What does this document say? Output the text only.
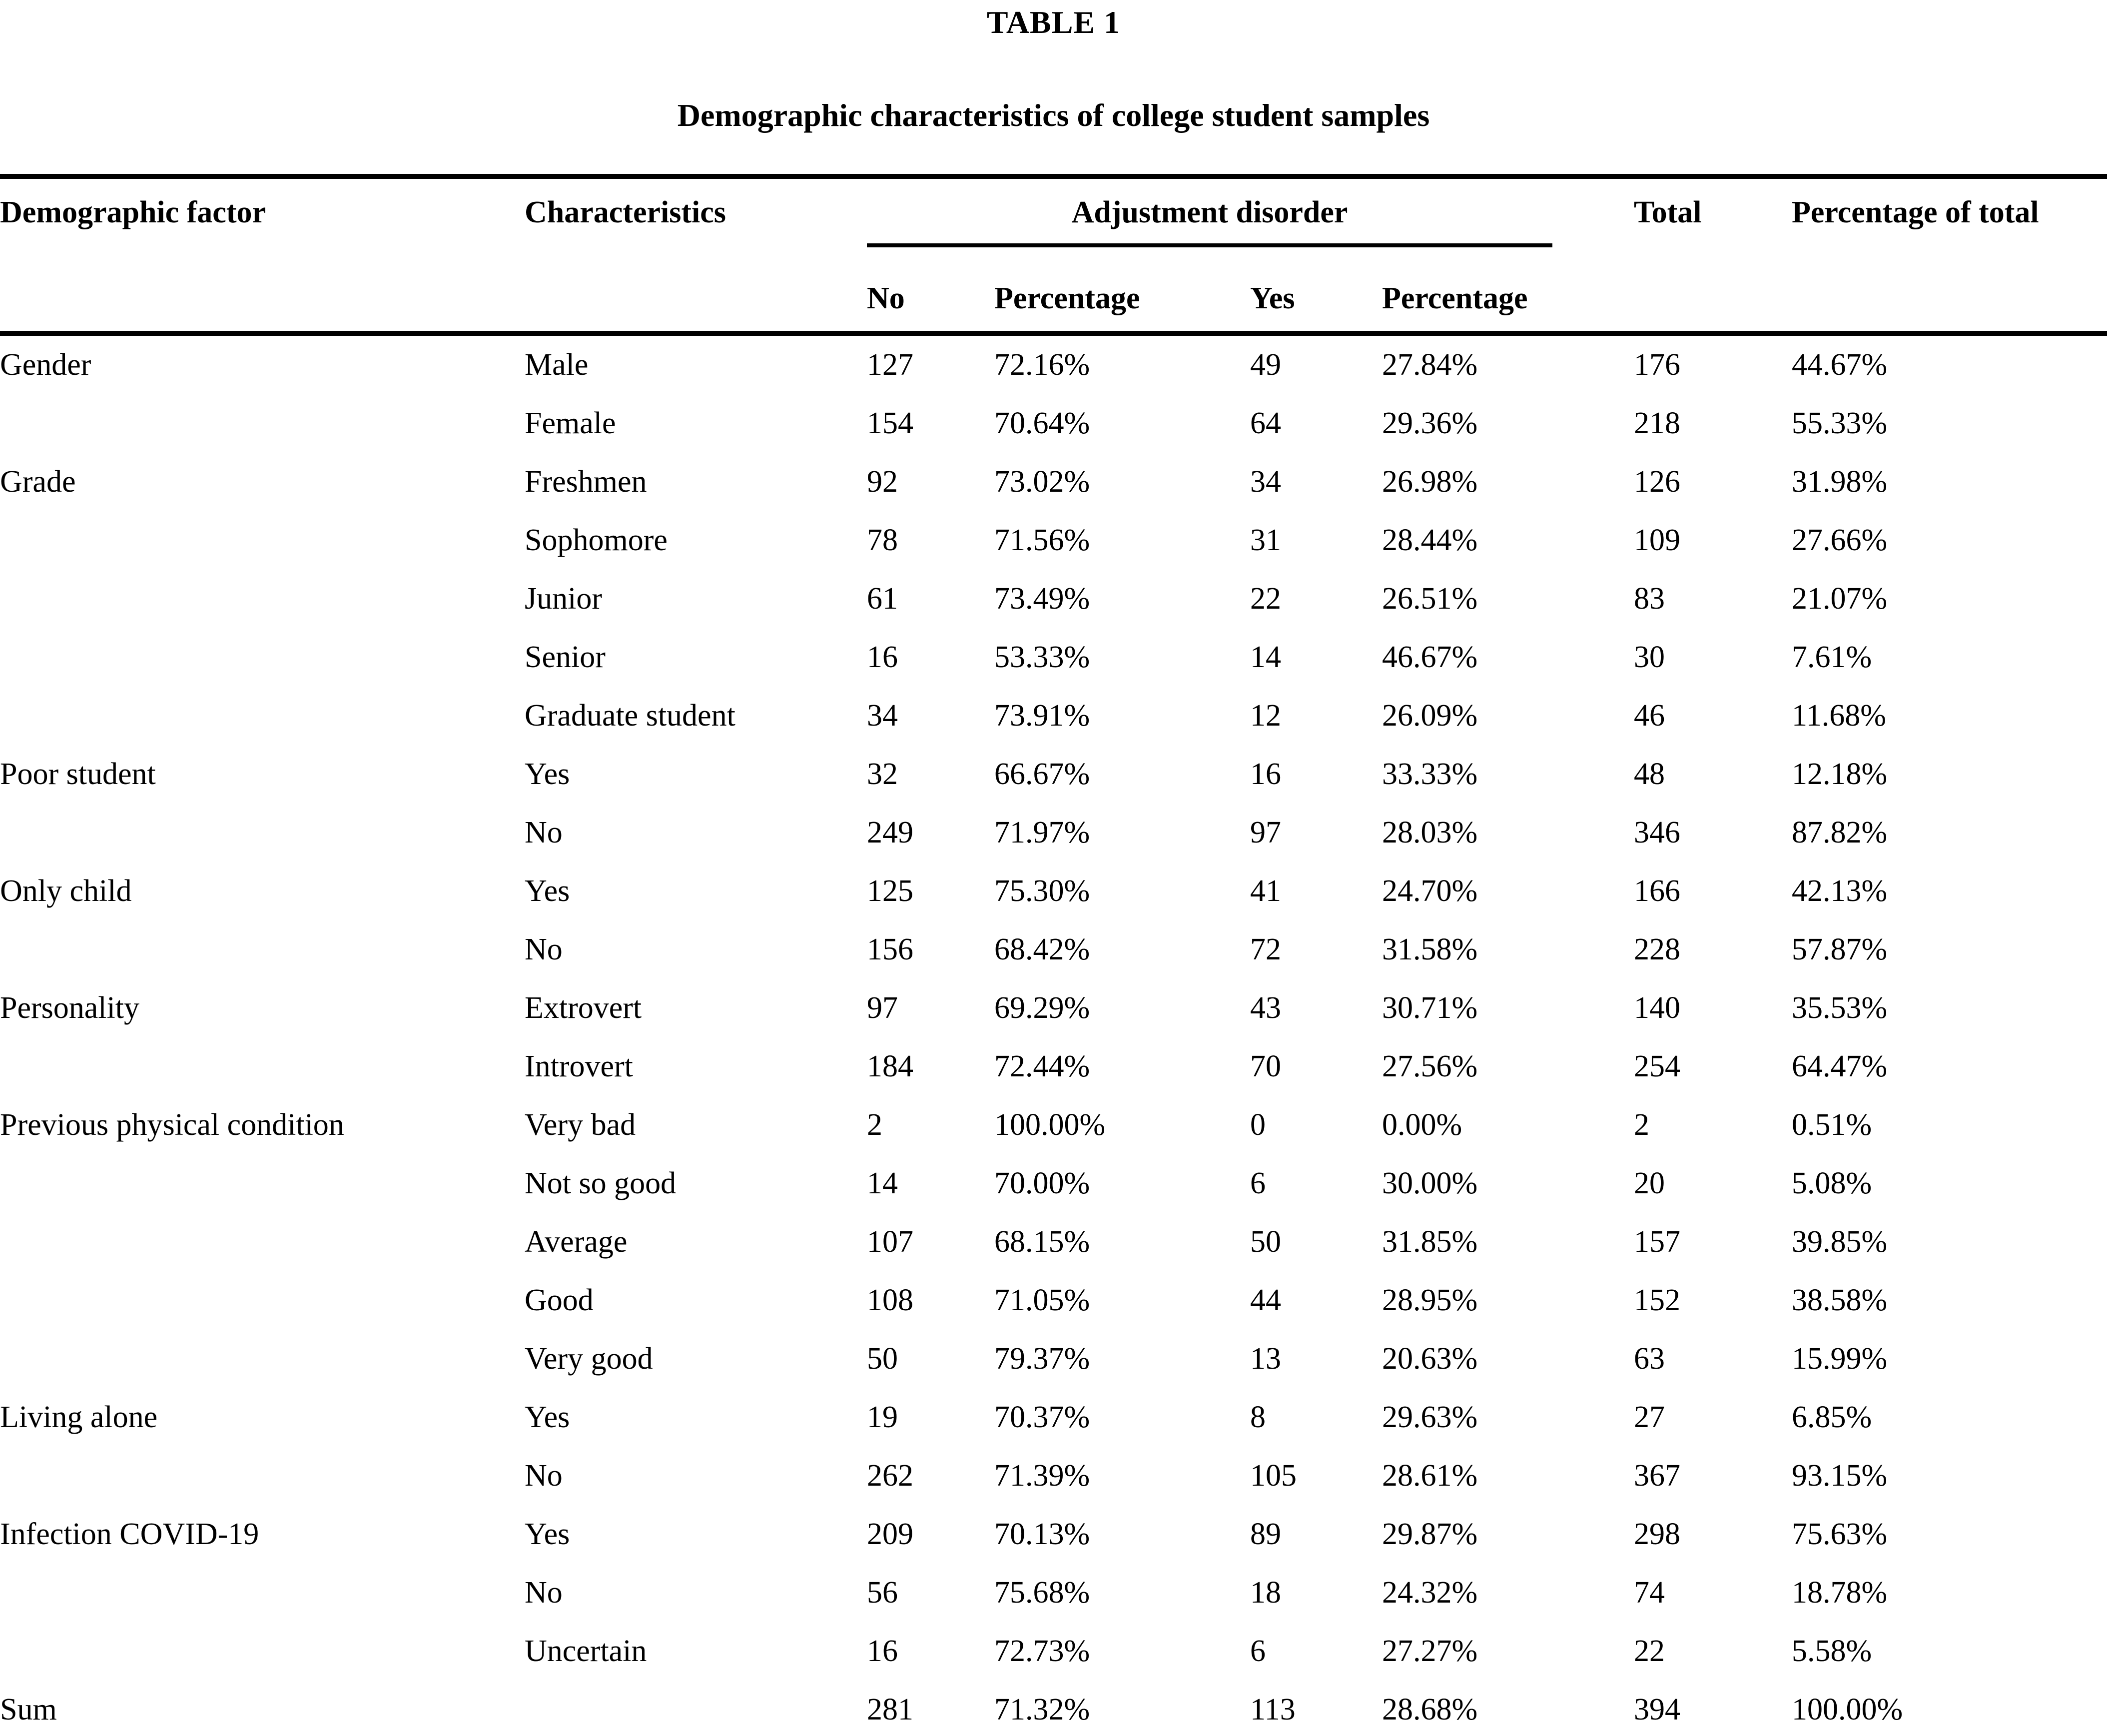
TABLE 1
Demographic characteristics of college student samples
Demographic factor	Characteristics	Adjustment disorder				Total	Percentage of total
		No	Percentage	Yes	Percentage		
Gender	Male	127	72.16%	49	27.84%	176	44.67%
	Female	154	70.64%	64	29.36%	218	55.33%
Grade	Freshmen	92	73.02%	34	26.98%	126	31.98%
	Sophomore	78	71.56%	31	28.44%	109	27.66%
	Junior	61	73.49%	22	26.51%	83	21.07%
	Senior	16	53.33%	14	46.67%	30	7.61%
	Graduate student	34	73.91%	12	26.09%	46	11.68%
Poor student	Yes	32	66.67%	16	33.33%	48	12.18%
	No	249	71.97%	97	28.03%	346	87.82%
Only child	Yes	125	75.30%	41	24.70%	166	42.13%
	No	156	68.42%	72	31.58%	228	57.87%
Personality	Extrovert	97	69.29%	43	30.71%	140	35.53%
	Introvert	184	72.44%	70	27.56%	254	64.47%
Previous physical condition	Very bad	2	100.00%	0	0.00%	2	0.51%
	Not so good	14	70.00%	6	30.00%	20	5.08%
	Average	107	68.15%	50	31.85%	157	39.85%
	Good	108	71.05%	44	28.95%	152	38.58%
	Very good	50	79.37%	13	20.63%	63	15.99%
Living alone	Yes	19	70.37%	8	29.63%	27	6.85%
	No	262	71.39%	105	28.61%	367	93.15%
Infection COVID-19	Yes	209	70.13%	89	29.87%	298	75.63%
	No	56	75.68%	18	24.32%	74	18.78%
	Uncertain	16	72.73%	6	27.27%	22	5.58%
Sum		281	71.32%	113	28.68%	394	100.00%
